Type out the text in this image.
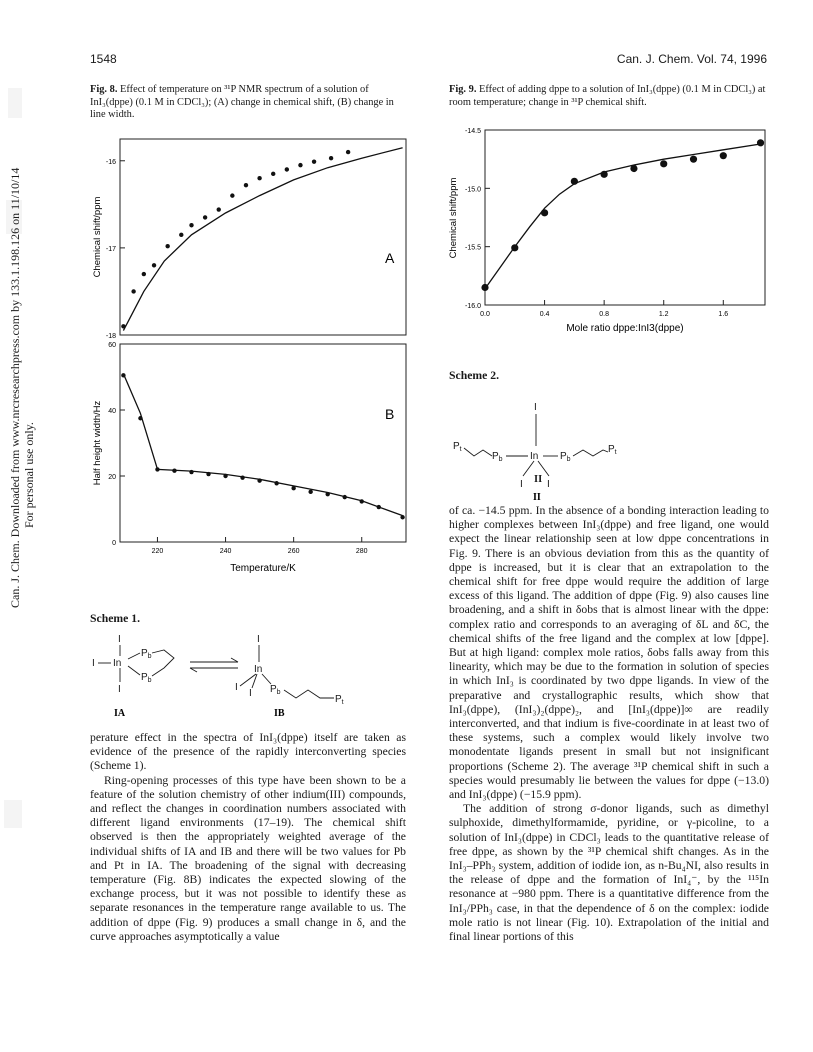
1548	Can. J. Chem. Vol. 74, 1996
Can. J. Chem. Downloaded from www.nrcresearchpress.com by 133.1.198.126 on 11/10/14 For personal use only.
Fig. 8. Effect of temperature on ³¹P NMR spectrum of a solution of InI₃(dppe) (0.1 M in CDCl₃); (A) change in chemical shift, (B) change in line width.
Fig. 9. Effect of adding dppe to a solution of InI₃(dppe) (0.1 M in CDCl₃) at room temperature; change in ³¹P chemical shift.
A
B
Chemical shift/ppm
Half height width/Hz
Temperature/K
-16
-17
-18
0
20
40
60
220	240	260	280
Chemical shift/ppm
Mole ratio dppe:InI3(dppe)
-14.5
-15.0
-15.5
-16.0
0.0	0.4	0.8	1.2	1.6
Scheme 2.
$P_t$
$P_b$	In $P_b$
$P_t$
I
I I
II
II
Scheme 1.
I
I In
I
$P_b$
$P_b$
I
In
I
I $P_b$
$P_t$
IA	IB

perature effect in the spectra of InI₃(dppe) itself are taken as evidence of the presence of the rapidly interconverting species (Scheme 1).

Ring-opening processes of this type have been shown to be a feature of the solution chemistry of other indium(III) compounds, and reflect the changes in coordination numbers associated with different ligand environments (17–19). The chemical shift observed is then the appropriately weighted average of the individual shifts of IA and IB and there will be two values for Pb and Pt in IA. The broadening of the signal with decreasing temperature (Fig. 8B) indicates the expected slowing of the exchange process, but it was not possible to identify these as separate resonances in the temperature range available to us. The addition of dppe (Fig. 9) produces a small change in δ, and the curve approaches asymptotically a value

of ca. −14.5 ppm. In the absence of a bonding interaction leading to higher complexes between InI₃(dppe) and free ligand, one would expect the linear relationship seen at low dppe concentrations in Fig. 9. There is an obvious deviation from this as the quantity of dppe is increased, but it is clear that an extrapolation to the chemical shift for free dppe would require the addition of large excess of this ligand. The addition of dppe (Fig. 9) also causes line broadening, and a shift in δobs that is almost linear with the dppe: complex ratio and corresponds to an averaging of δL and δC, the chemical shifts of the free ligand and the complex at low [dppe]. But at high ligand: complex mole ratios, δobs falls away from this linearity, which may be due to the formation in solution of species in which InI₃ is coordinated by two dppe ligands. In view of the preparative and crystallographic results, which show that InI₃(dppe), (InI₃)₂(dppe)₂, and [InI₃(dppe)]∞ are readily interconverted, and that indium is five-coordinate in at least two of these systems, such a complex would likely involve two monodentate ligands present in small but not insignificant proportions (Scheme 2). The average ³¹P chemical shift in such a species would presumably lie between the values for dppe (−13.0) and InI₃(dppe) (−15.9 ppm).

The addition of strong σ-donor ligands, such as dimethyl sulphoxide, dimethylformamide, pyridine, or γ-picoline, to a solution of InI₃(dppe) in CDCl₃ leads to the quantitative release of free dppe, as shown by the ³¹P chemical shift changes. As in the InI₃–PPh₃ system, addition of iodide ion, as n-Bu₄NI, also results in the release of dppe and the formation of InI₄⁻, by the ¹¹⁵In resonance at −980 ppm. There is a quantitative difference from the InI₃/PPh₃ case, in that the dependence of δ on the complex: iodide mole ratio is not linear (Fig. 10). Extrapolation of the initial and final linear portions of this
